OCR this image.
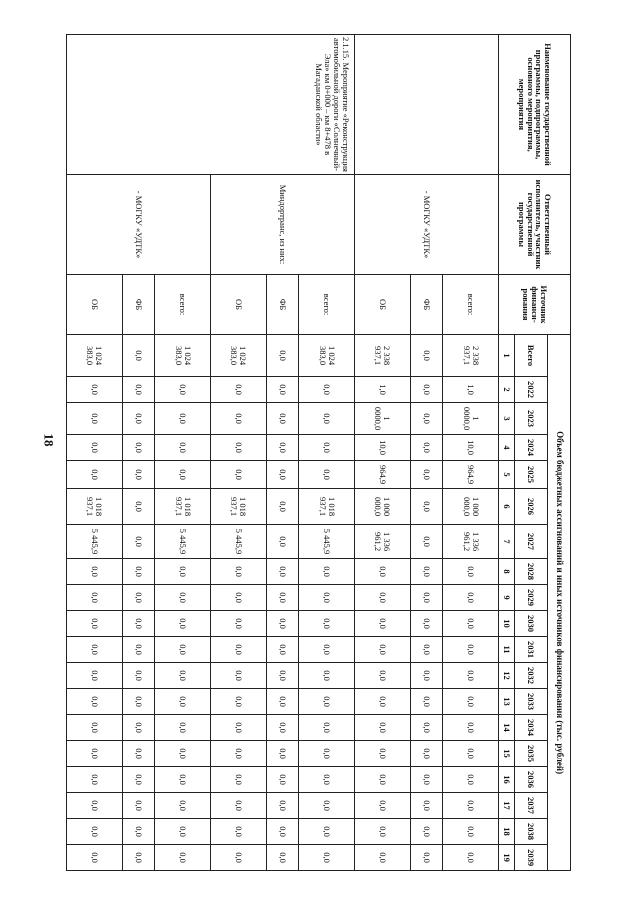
18
Наименование государственной программы, подпрограммы, основного мероприятия, мероприятия	Ответственный исполнитель, участник государственной программы	Источник финанси-рования	Объем бюджетных ассигнований и иных источников финансирования (тыс. рублей)																			
			Всего	2022	2023	2024	2025	2026	2027	2028	2029	2030	2031	2032	2033	2034	2035	2036	2037	2038	2039	
			1	2	3	4	5	6	7	8	9	10	11	12	13	14	15	16	17	18	19			
	- МОГКУ «УДТК»	всего:	2 338 937,1	1,0	1 0000,0	10,0	964,9	1 000 000,0	1 336 961,2	0,0	0,0	0,0	0,0	0,0	0,0	0,0	0,0	0,0	0,0	0,0	0,0	
		ФБ	0,0	0,0	0,0	0,0	0,0	0,0	0,0	0,0	0,0	0,0	0,0	0,0	0,0	0,0	0,0	0,0	0,0	0,0	0,0	
		ОБ	2 338 937,1	1,0	1 0000,0	10,0	964,9	1 000 000,0	1 336 961,2	0,0	0,0	0,0	0,0	0,0	0,0	0,0	0,0	0,0	0,0	0,0	0,0	
2.1.15. Мероприятие «Реконструкция автомобильной дороги «Солнечный-Эла» км 0+000 – км 8+478 в Магаданской области»	Миндортранс, из них:	всего:	1 024 383,0	0,0	0,0	0,0	0,0	1 018 937,1	5 445,9	0,0	0,0	0,0	0,0	0,0	0,0	0,0	0,0	0,0	0,0	0,0	0,0	
		ФБ	0,0	0,0	0,0	0,0	0,0	0,0	0,0	0,0	0,0	0,0	0,0	0,0	0,0	0,0	0,0	0,0	0,0	0,0	0,0	
		ОБ	1 024 383,0	0,0	0,0	0,0	0,0	1 018 937,1	5 445,9	0,0	0,0	0,0	0,0	0,0	0,0	0,0	0,0	0,0	0,0	0,0	0,0	
	- МОГКУ «УДТК»	всего:	1 024 383,0	0,0	0,0	0,0	0,0	1 018 937,1	5 445,9	0,0	0,0	0,0	0,0	0,0	0,0	0,0	0,0	0,0	0,0	0,0	0,0	
		ФБ	0,0	0,0	0,0	0,0	0,0	0,0	0,0	0,0	0,0	0,0	0,0	0,0	0,0	0,0	0,0	0,0	0,0	0,0	0,0	
		ОБ	1 024 383,0	0,0	0,0	0,0	0,0	1 018 937,1	5 445,9	0,0	0,0	0,0	0,0	0,0	0,0	0,0	0,0	0,0	0,0	0,0	0,0	
